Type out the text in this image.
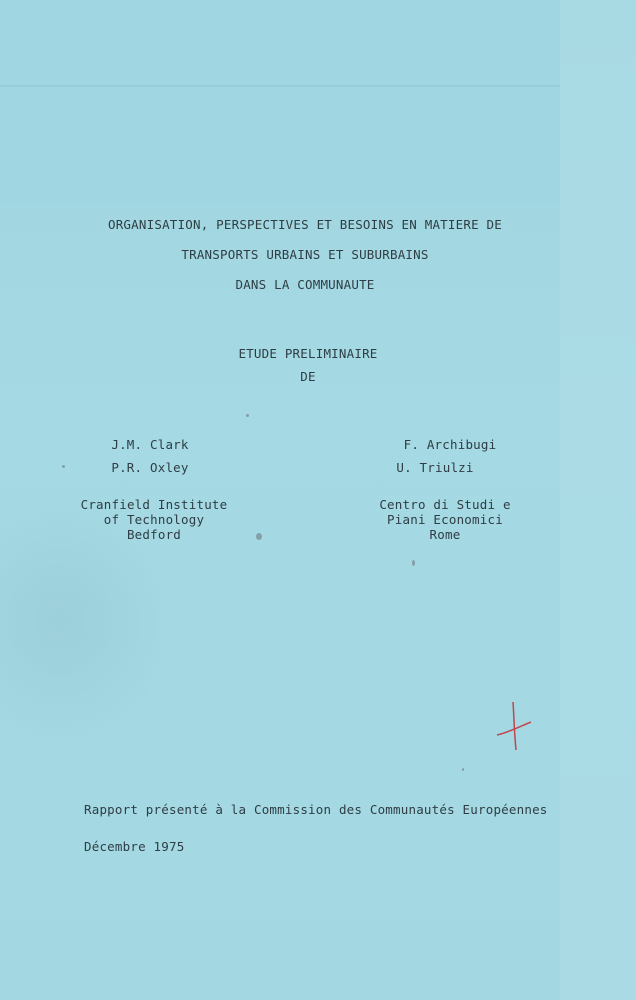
ORGANISATION, PERSPECTIVES ET BESOINS EN MATIERE DE
TRANSPORTS URBAINS ET SUBURBAINS
DANS LA COMMUNAUTE
ETUDE PRELIMINAIRE
DE
J.M. Clark
P.R. Oxley
Cranfield Institute
of Technology
Bedford
F. Archibugi
U. Triulzi
Centro di Studi e
Piani Economici
Rome
Rapport présenté à la Commission des Communautés Européennes
Décembre 1975
